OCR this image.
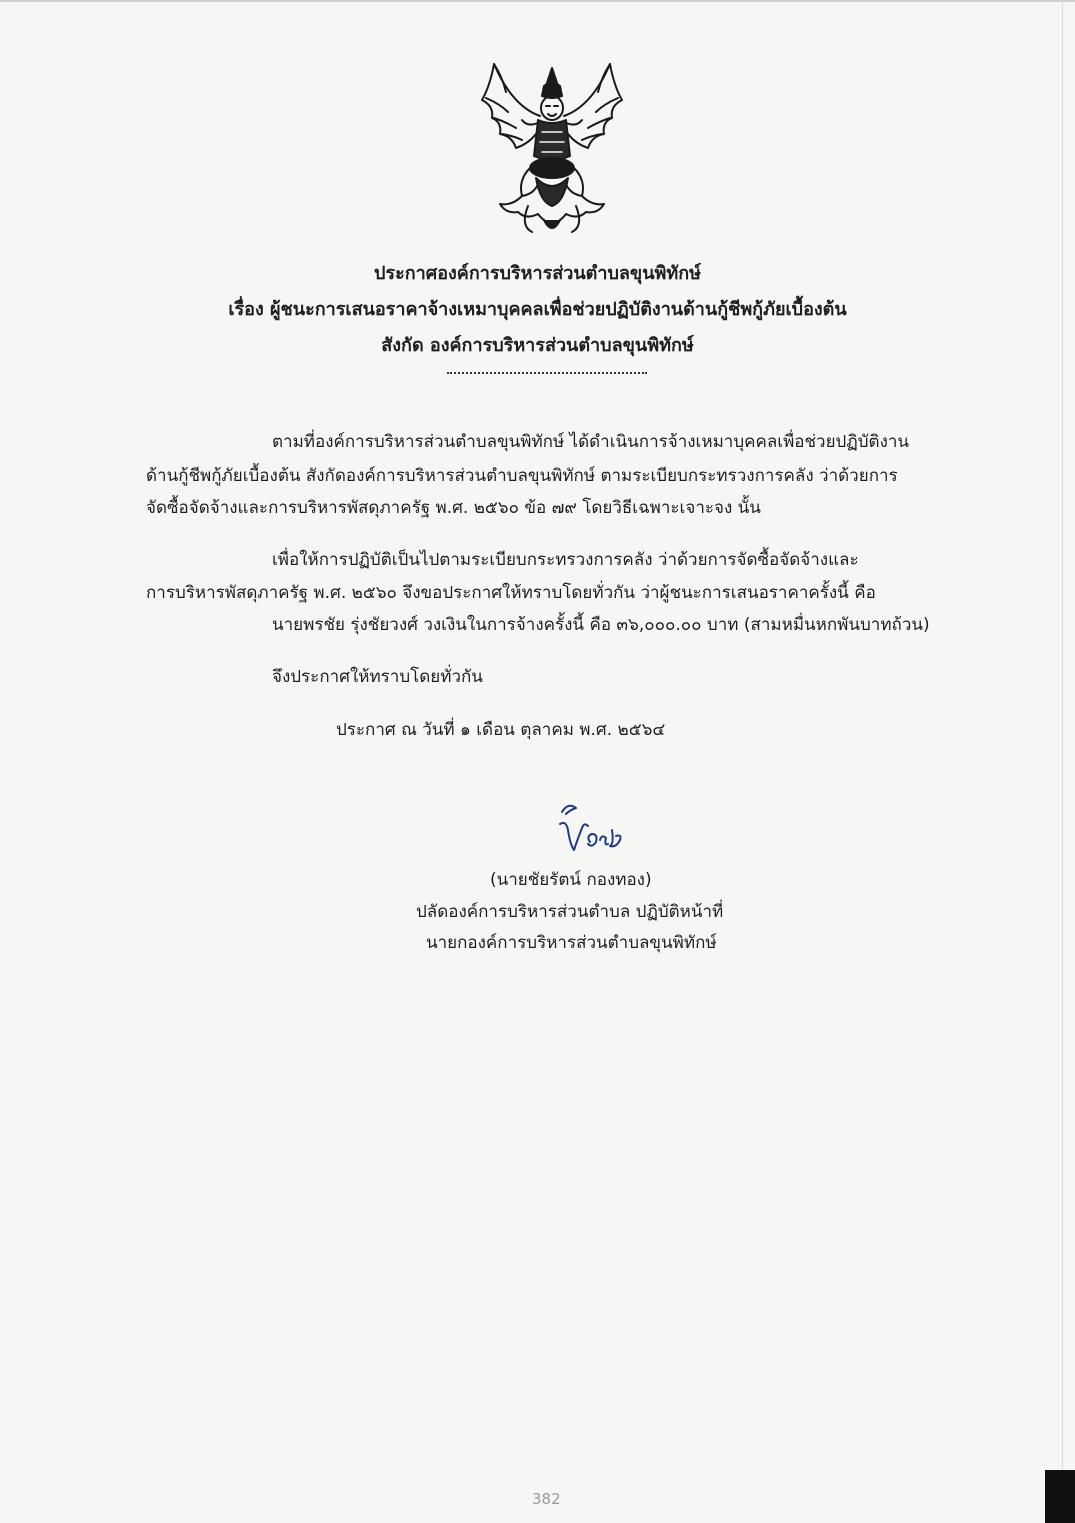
ประกาศองค์การบริหารส่วนตำบลขุนพิทักษ์
เรื่อง ผู้ชนะการเสนอราคาจ้างเหมาบุคคลเพื่อช่วยปฏิบัติงานด้านกู้ชีพกู้ภัยเบื้องต้น
สังกัด องค์การบริหารส่วนตำบลขุนพิทักษ์
ตามที่องค์การบริหารส่วนตำบลขุนพิทักษ์ ได้ดำเนินการจ้างเหมาบุคคลเพื่อช่วยปฏิบัติงาน
ด้านกู้ชีพกู้ภัยเบื้องต้น สังกัดองค์การบริหารส่วนตำบลขุนพิทักษ์ ตามระเบียบกระทรวงการคลัง ว่าด้วยการ
จัดซื้อจัดจ้างและการบริหารพัสดุภาครัฐ พ.ศ. ๒๕๖๐ ข้อ ๗๙ โดยวิธีเฉพาะเจาะจง นั้น
เพื่อให้การปฏิบัติเป็นไปตามระเบียบกระทรวงการคลัง ว่าด้วยการจัดซื้อจัดจ้างและ
การบริหารพัสดุภาครัฐ พ.ศ. ๒๕๖๐ จึงขอประกาศให้ทราบโดยทั่วกัน ว่าผู้ชนะการเสนอราคาครั้งนี้ คือ
นายพรชัย รุ่งชัยวงศ์ วงเงินในการจ้างครั้งนี้ คือ ๓๖,๐๐๐.๐๐ บาท (สามหมื่นหกพันบาทถ้วน)
จึงประกาศให้ทราบโดยทั่วกัน
ประกาศ ณ วันที่ ๑ เดือน ตุลาคม พ.ศ. ๒๕๖๔
(นายชัยรัตน์ กองทอง)
ปลัดองค์การบริหารส่วนตำบล ปฏิบัติหน้าที่
นายกองค์การบริหารส่วนตำบลขุนพิทักษ์
382
